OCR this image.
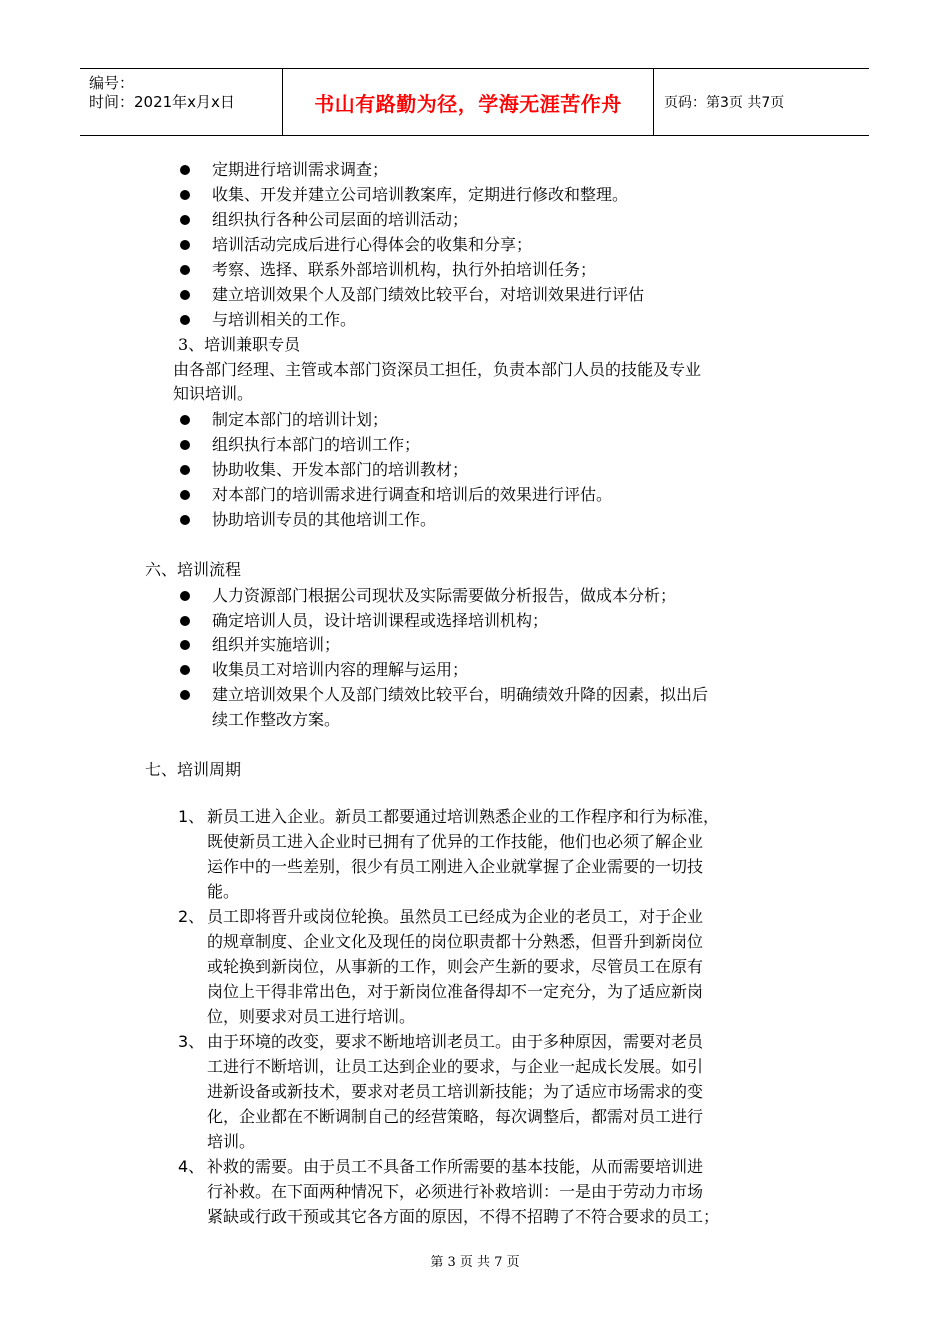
编号：
时间：2021年x月x日	书山有路勤为径，学海无涯苦作舟	页码：第3页 共7页
定期进行培训需求调查；
收集、开发并建立公司培训教案库，定期进行修改和整理。
组织执行各种公司层面的培训活动；
培训活动完成后进行心得体会的收集和分享；
考察、选择、联系外部培训机构，执行外拍培训任务；
建立培训效果个人及部门绩效比较平台，对培训效果进行评估
与培训相关的工作。
3、培训兼职专员
由各部门经理、主管或本部门资深员工担任，负责本部门人员的技能及专业
知识培训。
制定本部门的培训计划；
组织执行本部门的培训工作；
协助收集、开发本部门的培训教材；
对本部门的培训需求进行调查和培训后的效果进行评估。
协助培训专员的其他培训工作。
六、培训流程
人力资源部门根据公司现状及实际需要做分析报告，做成本分析；
确定培训人员，设计培训课程或选择培训机构；
组织并实施培训；
收集员工对培训内容的理解与运用；
建立培训效果个人及部门绩效比较平台，明确绩效升降的因素，拟出后
续工作整改方案。
七、培训周期
1、 新员工进入企业。新员工都要通过培训熟悉企业的工作程序和行为标准，
既使新员工进入企业时已拥有了优异的工作技能，他们也必须了解企业
运作中的一些差别，很少有员工刚进入企业就掌握了企业需要的一切技
能。
2、 员工即将晋升或岗位轮换。虽然员工已经成为企业的老员工，对于企业
的规章制度、企业文化及现任的岗位职责都十分熟悉，但晋升到新岗位
或轮换到新岗位，从事新的工作，则会产生新的要求，尽管员工在原有
岗位上干得非常出色，对于新岗位准备得却不一定充分，为了适应新岗
位，则要求对员工进行培训。
3、 由于环境的改变，要求不断地培训老员工。由于多种原因，需要对老员
工进行不断培训，让员工达到企业的要求，与企业一起成长发展。如引
进新设备或新技术，要求对老员工培训新技能；为了适应市场需求的变
化，企业都在不断调制自己的经营策略，每次调整后，都需对员工进行
培训。
4、 补救的需要。由于员工不具备工作所需要的基本技能，从而需要培训进
行补救。在下面两种情况下，必须进行补救培训：一是由于劳动力市场
紧缺或行政干预或其它各方面的原因，不得不招聘了不符合要求的员工；
第 3 页 共 7 页
